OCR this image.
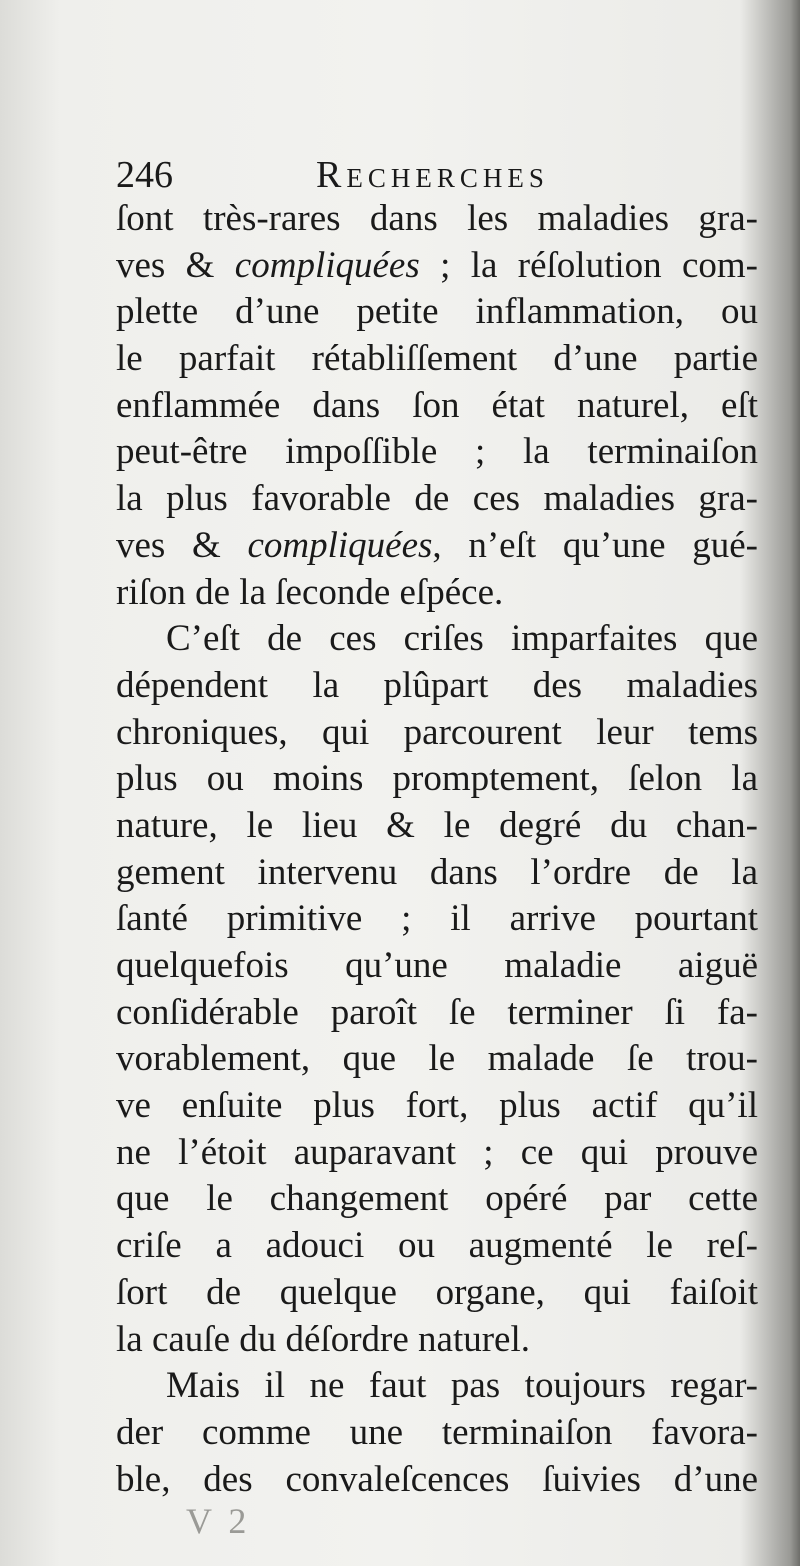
246	Recherches
ſont très-rares dans les maladies gra-
ves & compliquées ; la réſolution com-
plette d’une petite inflammation, ou
le parfait rétabliſſement d’une partie
enflammée dans ſon état naturel, eſt
peut-être impoſſible ; la terminaiſon
la plus favorable de ces maladies gra-
ves & compliquées, n’eſt qu’une gué-
riſon de la ſeconde eſpéce.
C’eſt de ces criſes imparfaites que
dépendent la plûpart des maladies
chroniques, qui parcourent leur tems
plus ou moins promptement, ſelon la
nature, le lieu & le degré du chan-
gement intervenu dans l’ordre de la
ſanté primitive ; il arrive pourtant
quelquefois qu’une maladie aiguë
conſidérable paroît ſe terminer ſi fa-
vorablement, que le malade ſe trou-
ve enſuite plus fort, plus actif qu’il
ne l’étoit auparavant ; ce qui prouve
que le changement opéré par cette
criſe a adouci ou augmenté le reſ-
ſort de quelque organe, qui faiſoit
la cauſe du déſordre naturel.
Mais il ne faut pas toujours regar-
der comme une terminaiſon favora-
ble, des convaleſcences ſuivies d’une
V 2
